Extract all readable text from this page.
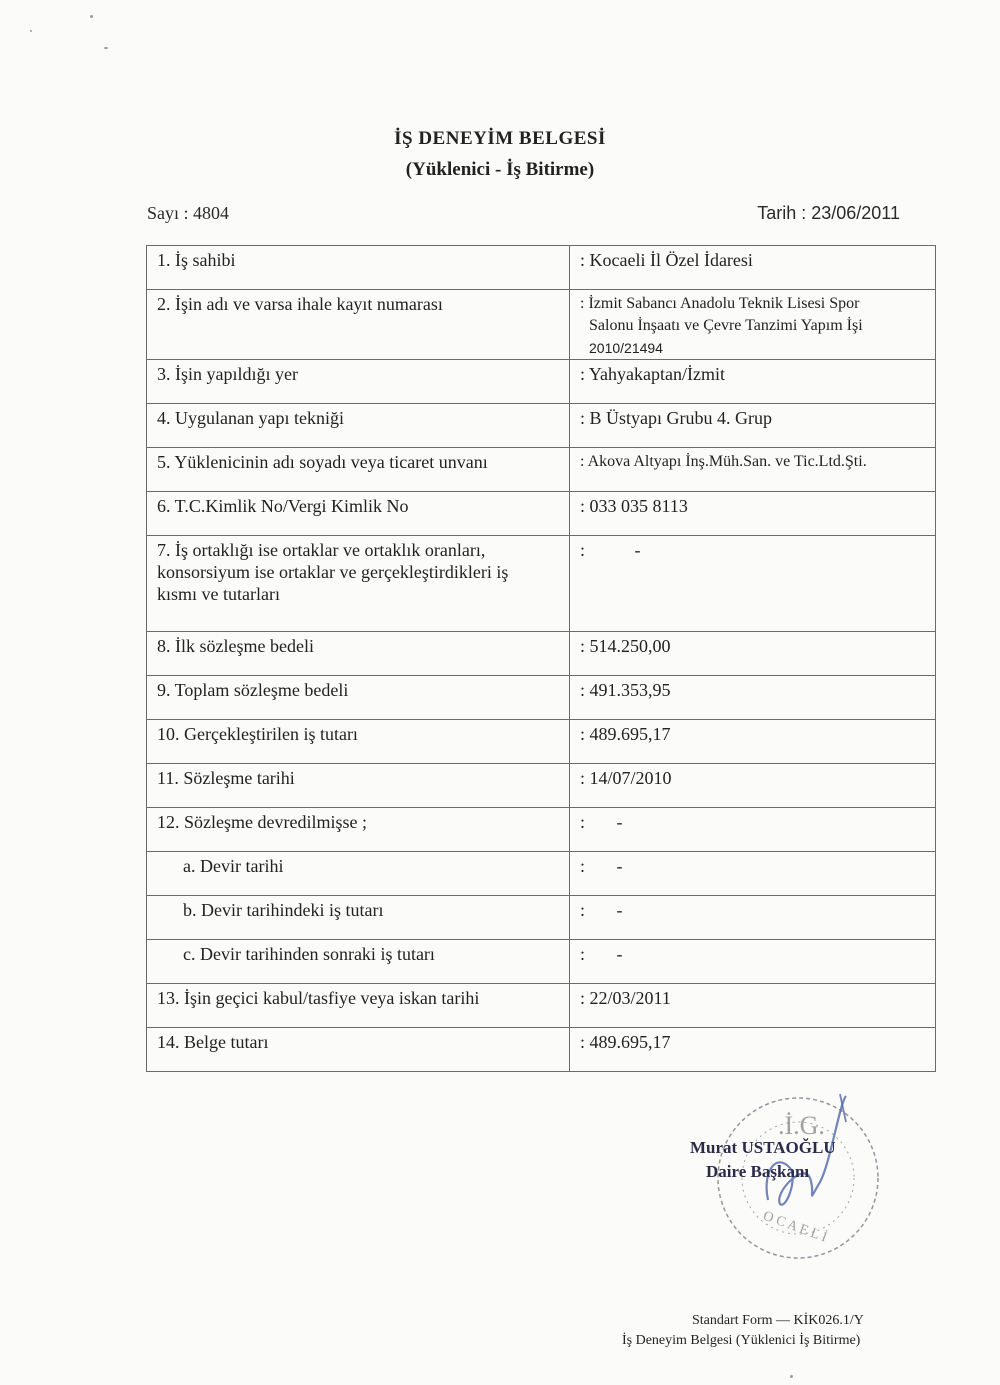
İŞ DENEYİM BELGESİ
(Yüklenici - İş Bitirme)
Sayı : 4804	Tarih : 23/06/2011
1. İş sahibi	: Kocaeli İl Özel İdaresi
2. İşin adı ve varsa ihale kayıt numarası	: İzmit Sabancı Anadolu Teknik Lisesi Spor
Salonu İnşaatı ve Çevre Tanzimi Yapım İşi
2010/21494

3. İşin yapıldığı yer	: Yahyakaptan/İzmit
4. Uygulanan yapı tekniği	: B Üstyapı Grubu 4. Grup
5. Yüklenicinin adı soyadı veya ticaret unvanı	: Akova Altyapı İnş.Müh.San. ve Tic.Ltd.Şti.
6. T.C.Kimlik No/Vergi Kimlik No	: 033 035 8113

7. İş ortaklığı ise ortaklar ve ortaklık oranları,
konsorsiyum ise ortaklar ve gerçekleştirdikleri iş
kısmı ve tutarları	:           -
8. İlk sözleşme bedeli	: 514.250,00
9. Toplam sözleşme bedeli	: 491.353,95
10. Gerçekleştirilen iş tutarı	: 489.695,17
11. Sözleşme tarihi	: 14/07/2010
12. Sözleşme devredilmişse ;	:       -
a. Devir tarihi	:       -
b. Devir tarihindeki iş tutarı	:       -
c. Devir tarihinden sonraki iş tutarı	:       -
13. İşin geçici kabul/tasfiye veya iskan tarihi	: 22/03/2011
14. Belge tutarı	: 489.695,17
.İ.G.
O C A E L İ
Murat USTAOĞLU
Daire Başkanı
Standart Form — KİK026.1/Y
İş Deneyim Belgesi (Yüklenici İş Bitirme)
